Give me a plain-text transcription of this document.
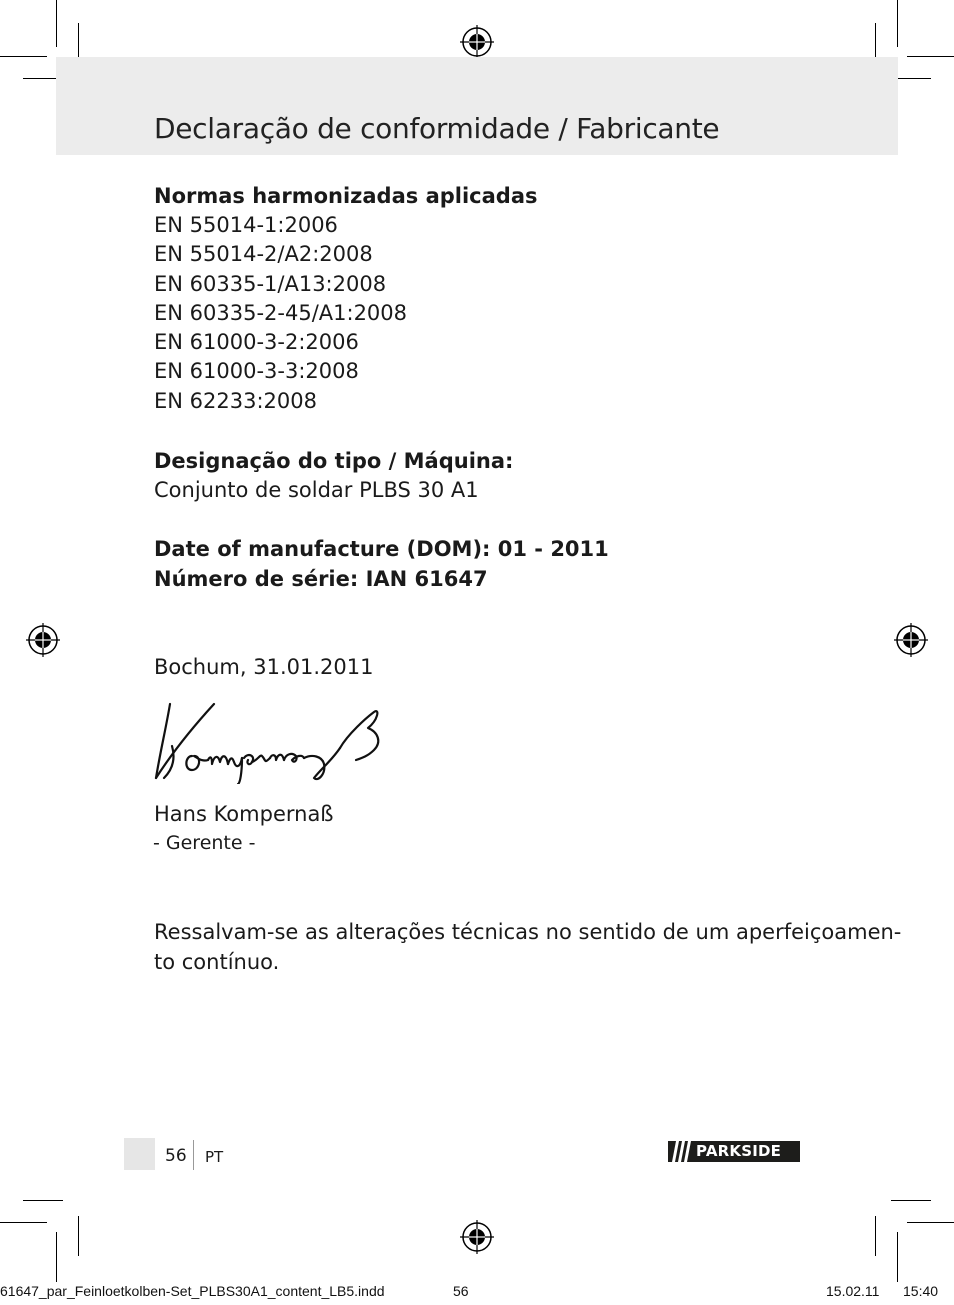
Declaração de conformidade / Fabricante
Normas harmonizadas aplicadas
EN 55014-1:2006
EN 55014-2/A2:2008
EN 60335-1/A13:2008
EN 60335-2-45/A1:2008
EN 61000-3-2:2006
EN 61000-3-3:2008
EN 62233:2008
Designação do tipo / Máquina:
Conjunto de soldar PLBS 30 A1
Date of manufacture (DOM): 01 - 2011
Número de série: IAN 61647
Bochum, 31.01.2011
Hans Kompernaß
- Gerente -
Ressalvam-se as alterações técnicas no sentido de um aperfeiçoamen-
to contínuo.
56 PT	PARKSIDE
61647_par_Feinloetkolben-Set_PLBS30A1_content_LB5.indd	56	15.02.11 15:40
